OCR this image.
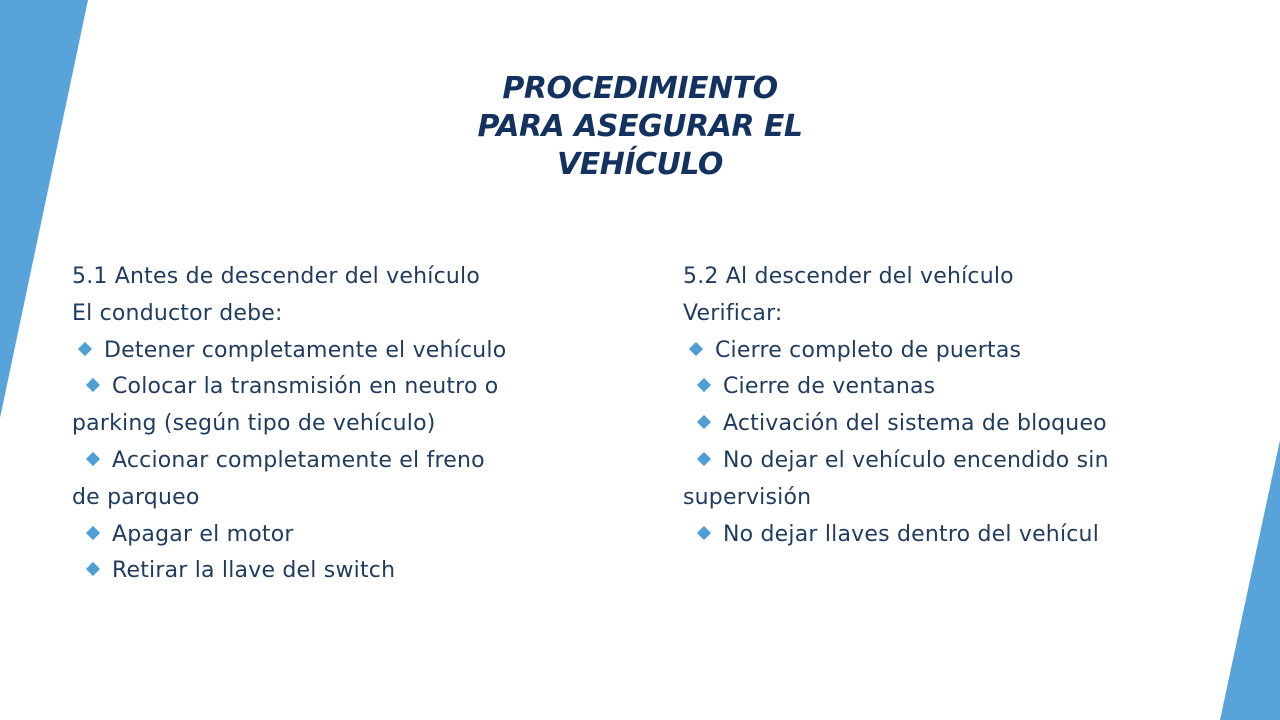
PROCEDIMIENTO
PARA ASEGURAR EL
VEHÍCULO
5.1 Antes de descender del vehículo
El conductor debe:
Detener completamente el vehículo
Colocar la transmisión en neutro o
parking (según tipo de vehículo)
Accionar completamente el freno
de parqueo
Apagar el motor
Retirar la llave del switch
5.2 Al descender del vehículo
Verificar:
Cierre completo de puertas
Cierre de ventanas
Activación del sistema de bloqueo
No dejar el vehículo encendido sin
supervisión
No dejar llaves dentro del vehícul
